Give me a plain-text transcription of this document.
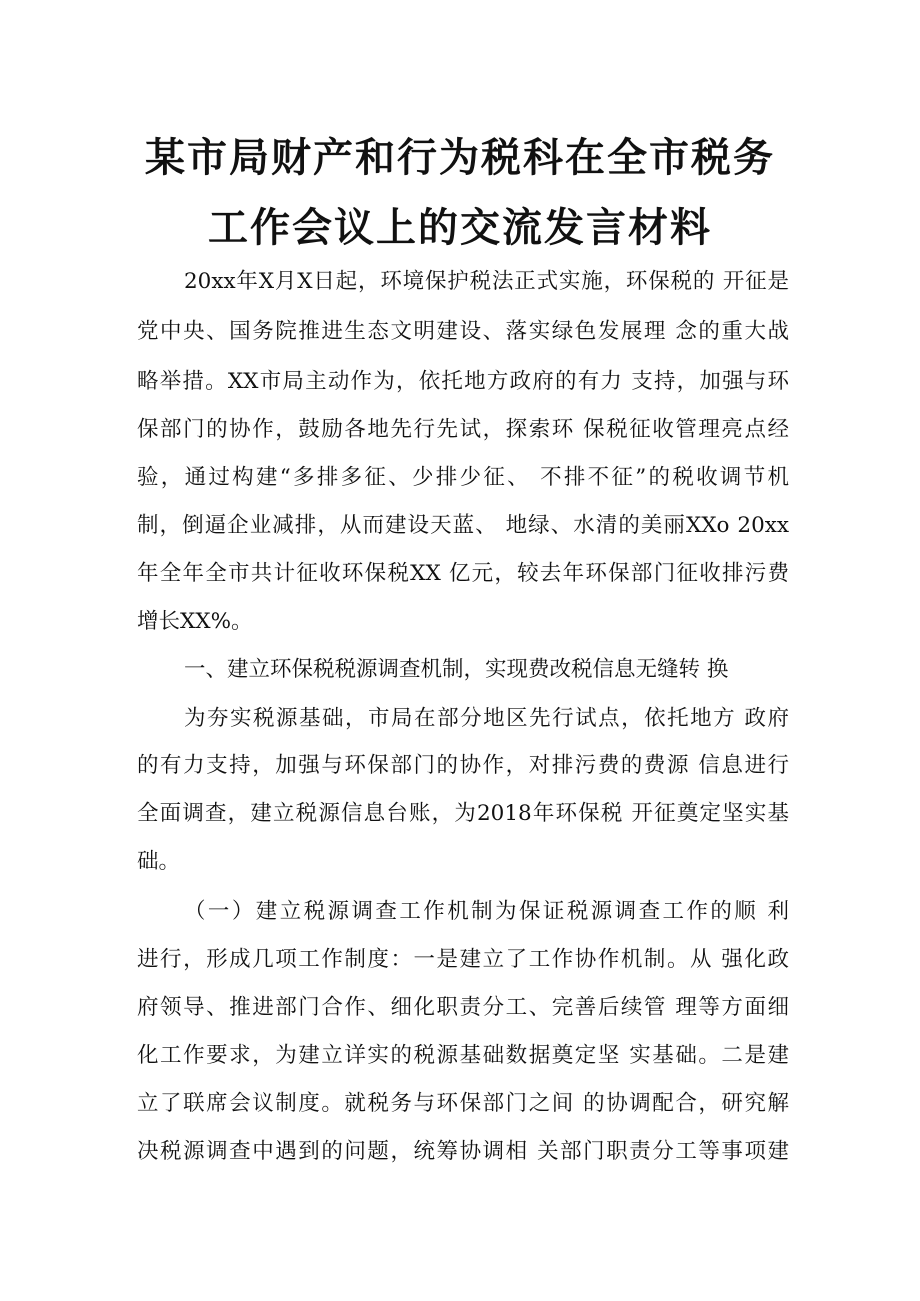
某市局财产和行为税科在全市税务
工作会议上的交流发言材料
20xx年X月X日起，环境保护税法正式实施，环保税的 开征是
党中央、国务院推进生态文明建设、落实绿色发展理 念的重大战
略举措。XX市局主动作为，依托地方政府的有力 支持，加强与环
保部门的协作，鼓励各地先行先试，探索环 保税征收管理亮点经
验，通过构建“多排多征、少排少征、 不排不征”的税收调节机
制，倒逼企业减排，从而建设天蓝、 地绿、水清的美丽XXo 20xx
年全年全市共计征收环保税XX 亿元，较去年环保部门征收排污费
增长XX%。
一、建立环保税税源调查机制，实现费改税信息无缝转 换
为夯实税源基础，市局在部分地区先行试点，依托地方 政府
的有力支持，加强与环保部门的协作，对排污费的费源 信息进行
全面调查，建立税源信息台账，为2018年环保税 开征奠定坚实基
础。
（一）建立税源调查工作机制为保证税源调查工作的顺 利
进行，形成几项工作制度：一是建立了工作协作机制。从 强化政
府领导、推进部门合作、细化职责分工、完善后续管 理等方面细
化工作要求，为建立详实的税源基础数据奠定坚 实基础。二是建
立了联席会议制度。就税务与环保部门之间 的协调配合，研究解
决税源调查中遇到的问题，统筹协调相 关部门职责分工等事项建
